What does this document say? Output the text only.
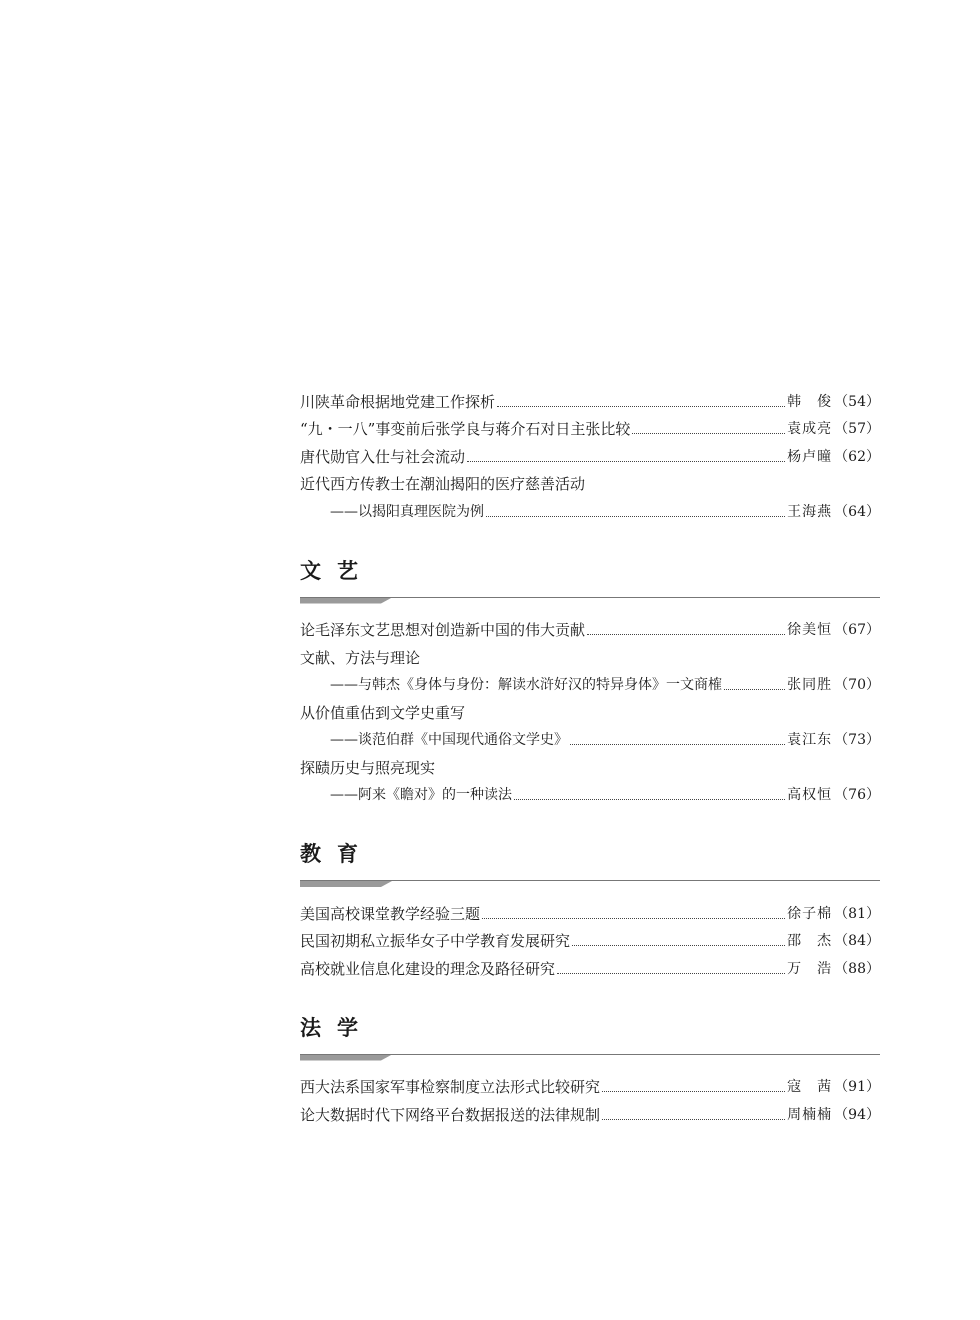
川陕革命根据地党建工作探析	韩　俊 （54）
“九・一八”事变前后张学良与蒋介石对日主张比较	袁成亮 （57）
唐代勋官入仕与社会流动	杨卢曈 （62）
近代西方传教士在潮汕揭阳的医疗慈善活动
——以揭阳真理医院为例	王海燕 （64）
文艺
论毛泽东文艺思想对创造新中国的伟大贡献	徐美恒 （67）
文献、方法与理论
——与韩杰《身体与身份：解读水浒好汉的特异身体》一文商榷	张同胜 （70）
从价值重估到文学史重写
——谈范伯群《中国现代通俗文学史》	袁江东 （73）
探赜历史与照亮现实
——阿来《瞻对》的一种读法	高权恒 （76）
教育
美国高校课堂教学经验三题	徐子棉 （81）
民国初期私立振华女子中学教育发展研究	邵　杰 （84）
高校就业信息化建设的理念及路径研究	万　浩 （88）
法学
西大法系国家军事检察制度立法形式比较研究	寇　茜 （91）
论大数据时代下网络平台数据报送的法律规制	周楠楠 （94）
